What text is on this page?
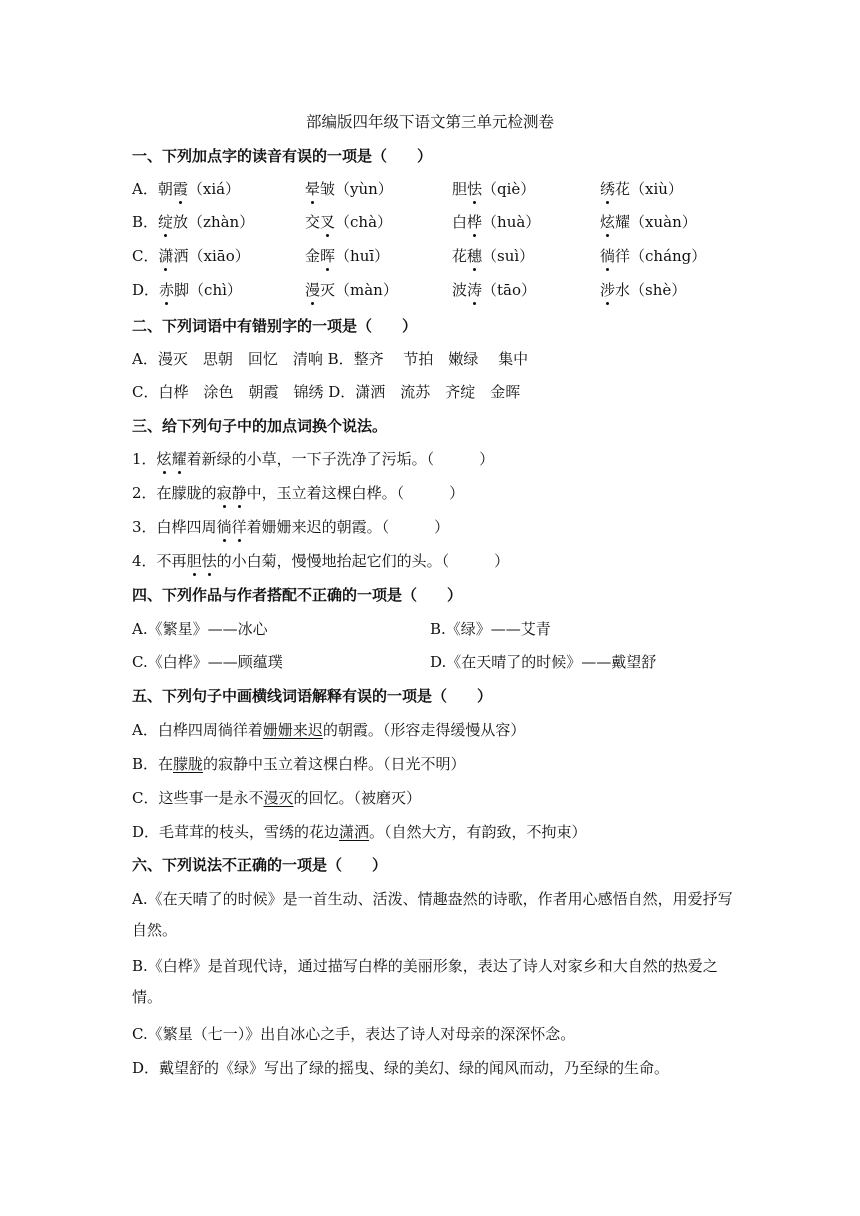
部编版四年级下语文第三单元检测卷
一、下列加点字的读音有误的一项是（　　）
A．朝霞（xiá）	晕皱（yùn）	胆怯（qiè）	绣花（xiù）
B．绽放（zhàn）	交叉（chà）	白桦（huà）	炫耀（xuàn）
C．潇洒（xiāo）	金晖（huī）	花穗（suì）	徜徉（cháng）
D．赤脚（chì）	漫灭（màn）	波涛（tāo）	涉水（shè）
二、下列词语中有错别字的一项是（　　）
A．漫灭　思朝　回忆　清响 B．整齐　 节拍　嫩绿　 集中
C．白桦　涂色　朝霞　锦绣 D．潇洒　流苏　齐绽　金晖
三、给下列句子中的加点词换个说法。
1．炫耀着新绿的小草，一下子洗净了污垢。（　　　）
2．在朦胧的寂静中，玉立着这棵白桦。（　　　）
3．白桦四周徜徉着姗姗来迟的朝霞。（　　　）
4．不再胆怯的小白菊，慢慢地抬起它们的头。（　　　）
四、下列作品与作者搭配不正确的一项是（　　）
A.《繁星》——冰心	B.《绿》——艾青
C.《白桦》——顾蕴璞	D.《在天晴了的时候》——戴望舒
五、下列句子中画横线词语解释有误的一项是（　　）
A．白桦四周徜徉着姗姗来迟的朝霞。（形容走得缓慢从容）
B．在朦胧的寂静中玉立着这棵白桦。（日光不明）
C．这些事一是永不漫灭的回忆。（被磨灭）
D．毛茸茸的枝头，雪绣的花边潇洒。（自然大方，有韵致，不拘束）
六、下列说法不正确的一项是（　　）
A.《在天晴了的时候》是一首生动、活泼、情趣盎然的诗歌，作者用心感悟自然，用爱抒写自然。
B.《白桦》是首现代诗，通过描写白桦的美丽形象，表达了诗人对家乡和大自然的热爱之情。
C.《繁星（七一）》出自冰心之手，表达了诗人对母亲的深深怀念。
D．戴望舒的《绿》写出了绿的摇曳、绿的美幻、绿的闻风而动，乃至绿的生命。
